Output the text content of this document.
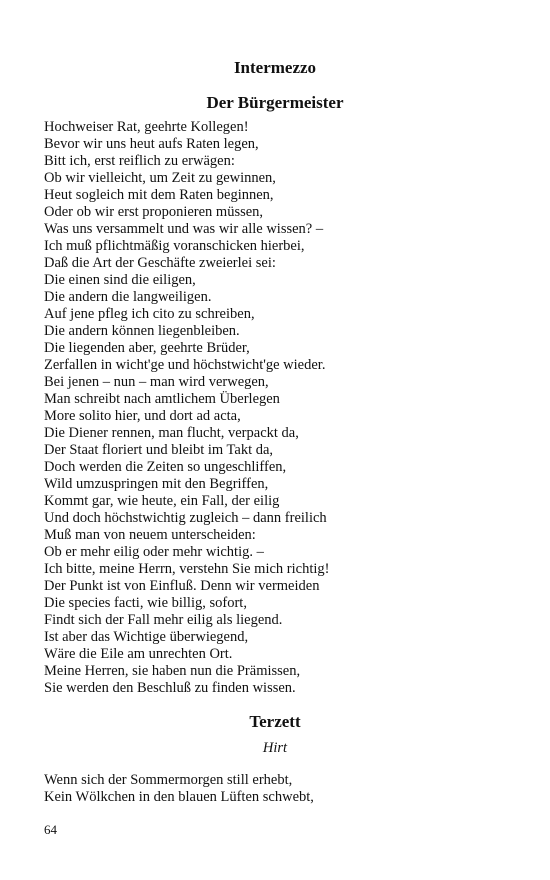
Intermezzo
Der Bürgermeister
Hochweiser Rat, geehrte Kollegen!
Bevor wir uns heut aufs Raten legen,
Bitt ich, erst reiflich zu erwägen:
Ob wir vielleicht, um Zeit zu gewinnen,
Heut sogleich mit dem Raten beginnen,
Oder ob wir erst proponieren müssen,
Was uns versammelt und was wir alle wissen? –
Ich muß pflichtmäßig voranschicken hierbei,
Daß die Art der Geschäfte zweierlei sei:
Die einen sind die eiligen,
Die andern die langweiligen.
Auf jene pfleg ich cito zu schreiben,
Die andern können liegenbleiben.
Die liegenden aber, geehrte Brüder,
Zerfallen in wicht'ge und höchstwicht'ge wieder.
Bei jenen – nun – man wird verwegen,
Man schreibt nach amtlichem Überlegen
More solito hier, und dort ad acta,
Die Diener rennen, man flucht, verpackt da,
Der Staat floriert und bleibt im Takt da,
Doch werden die Zeiten so ungeschliffen,
Wild umzuspringen mit den Begriffen,
Kommt gar, wie heute, ein Fall, der eilig
Und doch höchstwichtig zugleich – dann freilich
Muß man von neuem unterscheiden:
Ob er mehr eilig oder mehr wichtig. –
Ich bitte, meine Herrn, verstehn Sie mich richtig!
Der Punkt ist von Einfluß. Denn wir vermeiden
Die species facti, wie billig, sofort,
Findt sich der Fall mehr eilig als liegend.
Ist aber das Wichtige überwiegend,
Wäre die Eile am unrechten Ort.
Meine Herren, sie haben nun die Prämissen,
Sie werden den Beschluß zu finden wissen.
Terzett

Hirt

Wenn sich der Sommermorgen still erhebt,
Kein Wölkchen in den blauen Lüften schwebt,

64
